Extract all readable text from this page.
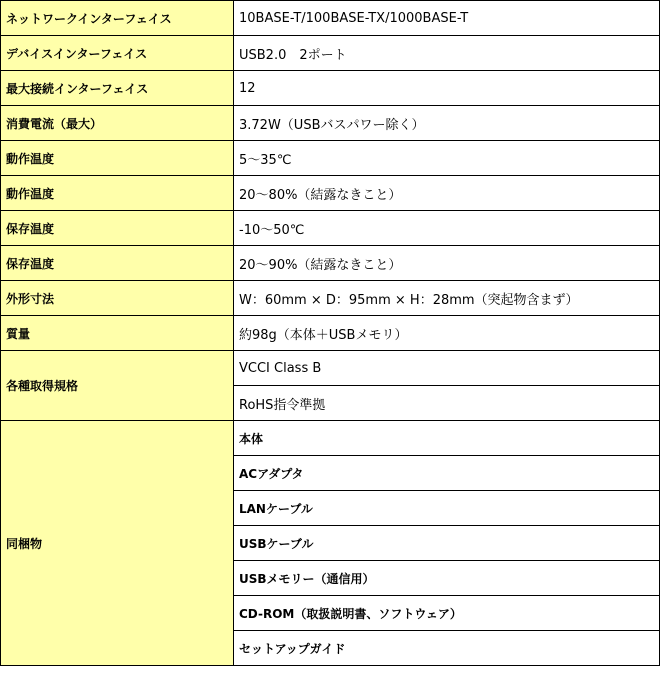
ネットワークインターフェイス	10BASE-T/100BASE-TX/1000BASE-T
デバイスインターフェイス	USB2.0　2ポート
最大接続インターフェイス	12
消費電流（最大）	3.72W（USBバスパワー除く）
動作温度	5～35℃
動作温度	20～80%（結露なきこと）
保存温度	-10～50℃
保存温度	20～90%（結露なきこと）
外形寸法	W：60mm × D：95mm × H：28mm（突起物含まず）
質量	約98g（本体＋USBメモリ）
各種取得規格	VCCI Class B
	RoHS指令準拠
同梱物	本体
	ACアダプタ
	LANケーブル
	USBケーブル
	USBメモリー（通信用）
	CD-ROM（取扱説明書、ソフトウェア）
	セットアップガイド
